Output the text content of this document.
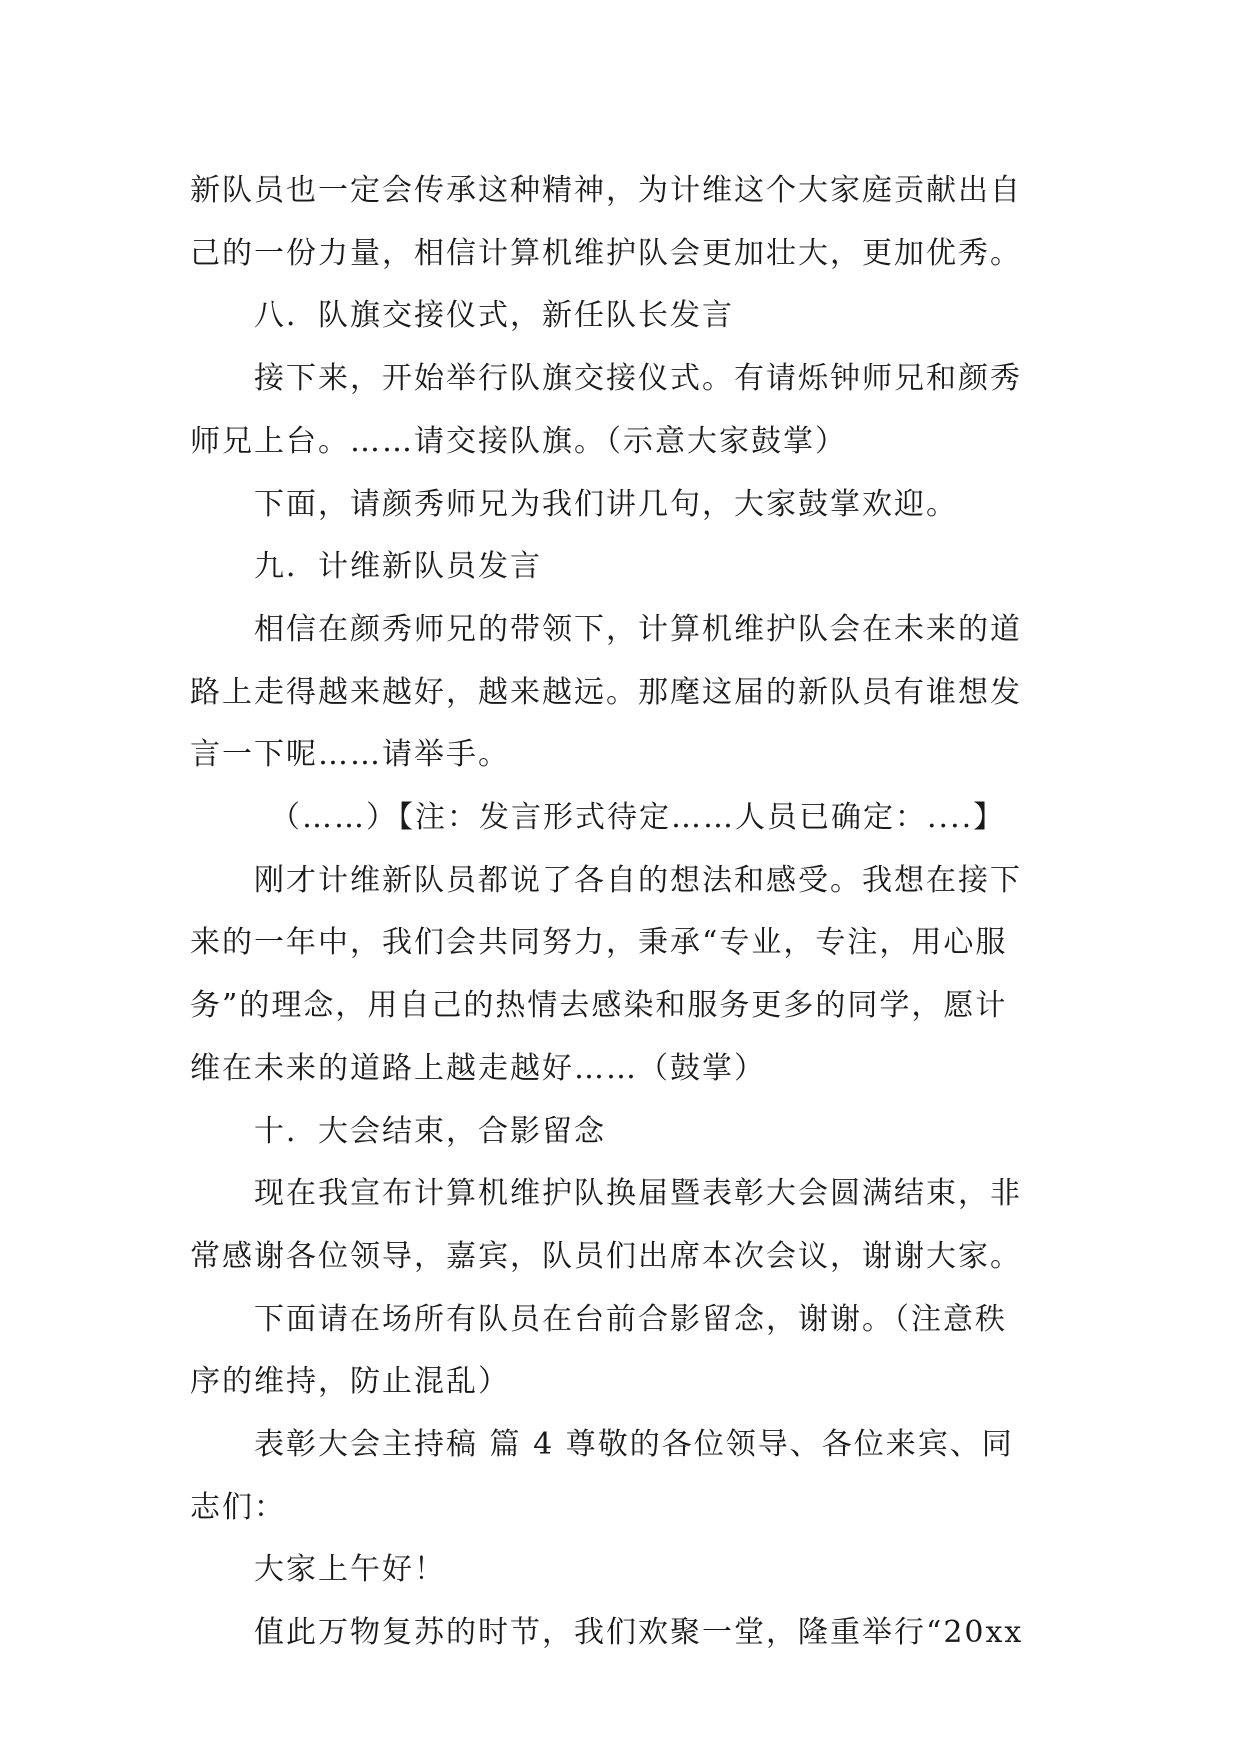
新队员也一定会传承这种精神，为计维这个大家庭贡献出自

己的一份力量，相信计算机维护队会更加壮大，更加优秀。

八．队旗交接仪式，新任队长发言

接下来，开始举行队旗交接仪式。有请烁钟师兄和颜秀

师兄上台。……请交接队旗。（示意大家鼓掌）

下面，请颜秀师兄为我们讲几句，大家鼓掌欢迎。

九．计维新队员发言

相信在颜秀师兄的带领下，计算机维护队会在未来的道

路上走得越来越好，越来越远。那麾这届的新队员有谁想发

言一下呢……请举手。

（……）【注：发言形式待定……人员已确定：....】

刚才计维新队员都说了各自的想法和感受。我想在接下

来的一年中，我们会共同努力，秉承“专业，专注，用心服

务”的理念，用自己的热情去感染和服务更多的同学，愿计

维在未来的道路上越走越好……（鼓掌）

十．大会结束，合影留念

现在我宣布计算机维护队换届暨表彰大会圆满结束，非

常感谢各位领导，嘉宾，队员们出席本次会议，谢谢大家。

下面请在场所有队员在台前合影留念，谢谢。（注意秩

序的维持，防止混乱）

表彰大会主持稿 篇 4 尊敬的各位领导、各位来宾、同

志们：

大家上午好！

值此万物复苏的时节，我们欢聚一堂，隆重举行“20xx
